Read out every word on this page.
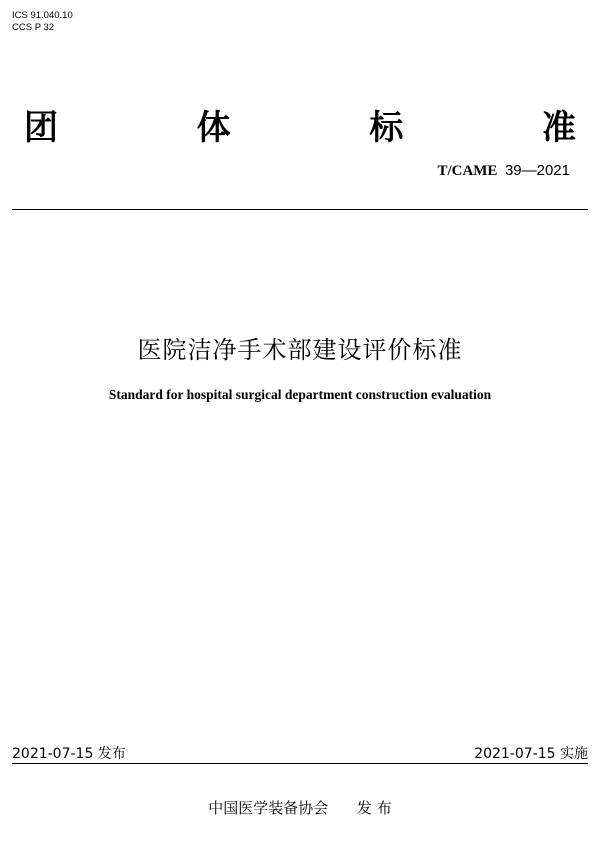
ICS 91.040.10
CCS P 32
团	体	标	准
T/CAME 39—2021
医院洁净手术部建设评价标准
Standard for hospital surgical department construction evaluation
2021-07-15 发布	2021-07-15 实施
中国医学装备协会 发 布
